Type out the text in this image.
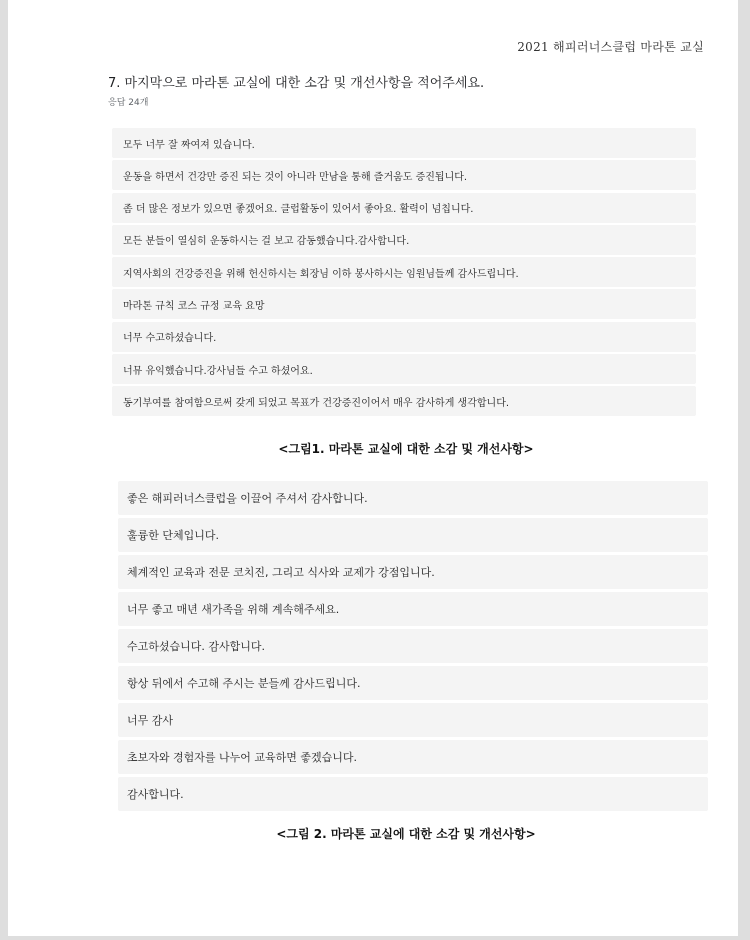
2021 해피러너스클럽 마라톤 교실
7. 마지막으로 마라톤 교실에 대한 소감 및 개선사항을 적어주세요.
응답 24개
모두 너무 잘 짜여져 있습니다.
운동을 하면서 건강만 증진 되는 것이 아니라 만남을 통해 즐거움도 증진됩니다.
좀 더 많은 정보가 있으면 좋겠어요. 클럽활동이 있어서 좋아요. 활력이 넘칩니다.
모든 분들이 열심히 운동하시는 걸 보고 감동했습니다.감사합니다.
지역사회의 건강증진을 위해 헌신하시는 회장님 이하 봉사하시는 임원님들께 감사드립니다.
마라톤 규칙 코스 규정 교육 요망
너무 수고하셨습니다.
너뮤 유익했습니다.강사님들 수고 하셨어요.
동기부여를 참여함으로써 갖게 되었고 목표가 건강증진이어서 매우 감사하게 생각합니다.
<그림1. 마라톤 교실에 대한 소감 및 개선사항>
좋은 해피러너스클럽을 이끌어 주셔서 감사합니다.
훌륭한 단체입니다.
체계적인 교육과 전문 코치진, 그리고 식사와 교제가 강점입니다.
너무 좋고 매년 새가족을 위해 계속해주세요.
수고하셨습니다. 감사합니다.
항상 뒤에서 수고해 주시는 분들께 감사드립니다.
너무 감사
초보자와 경험자를 나누어 교육하면 좋겠습니다.
감사합니다.
<그림 2. 마라톤 교실에 대한 소감 및 개선사항>
